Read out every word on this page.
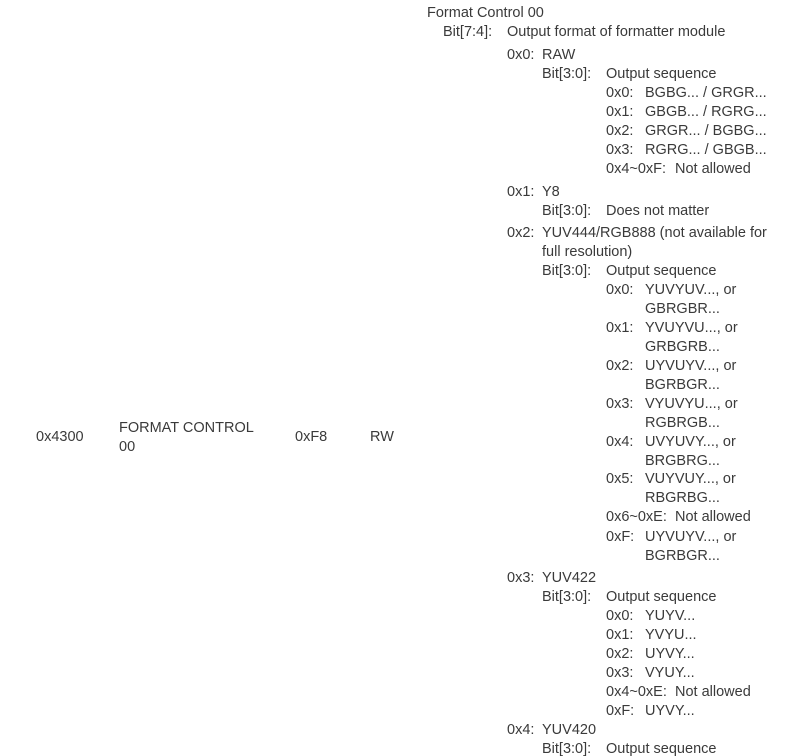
0x4300
FORMAT CONTROL
00
0xF8	RW
Format Control 00
Bit[7:4]: Output format of formatter module
0x0: RAW
Bit[3:0]: Output sequence
0x0: BGBG... / GRGR...
0x1: GBGB... / RGRG...
0x2: GRGR... / BGBG...
0x3: RGRG... / GBGB...
0x4~0xF: Not allowed
0x1: Y8
Bit[3:0]: Does not matter
0x2: YUV444/RGB888 (not available for
full resolution)
Bit[3:0]: Output sequence
0x0: YUVYUV..., or
GBRGBR...
0x1: YVUYVU..., or
GRBGRB...
0x2: UYVUYV..., or
BGRBGR...
0x3: VYUVYU..., or
RGBRGB...
0x4: UVYUVY..., or
BRGBRG...
0x5: VUYVUY..., or
RBGRBG...
0x6~0xE: Not allowed
0xF: UYVUYV..., or
BGRBGR...
0x3: YUV422
Bit[3:0]: Output sequence
0x0: YUYV...
0x1: YVYU...
0x2: UYVY...
0x3: VYUY...
0x4~0xE: Not allowed
0xF: UYVY...
0x4: YUV420
Bit[3:0]: Output sequence
